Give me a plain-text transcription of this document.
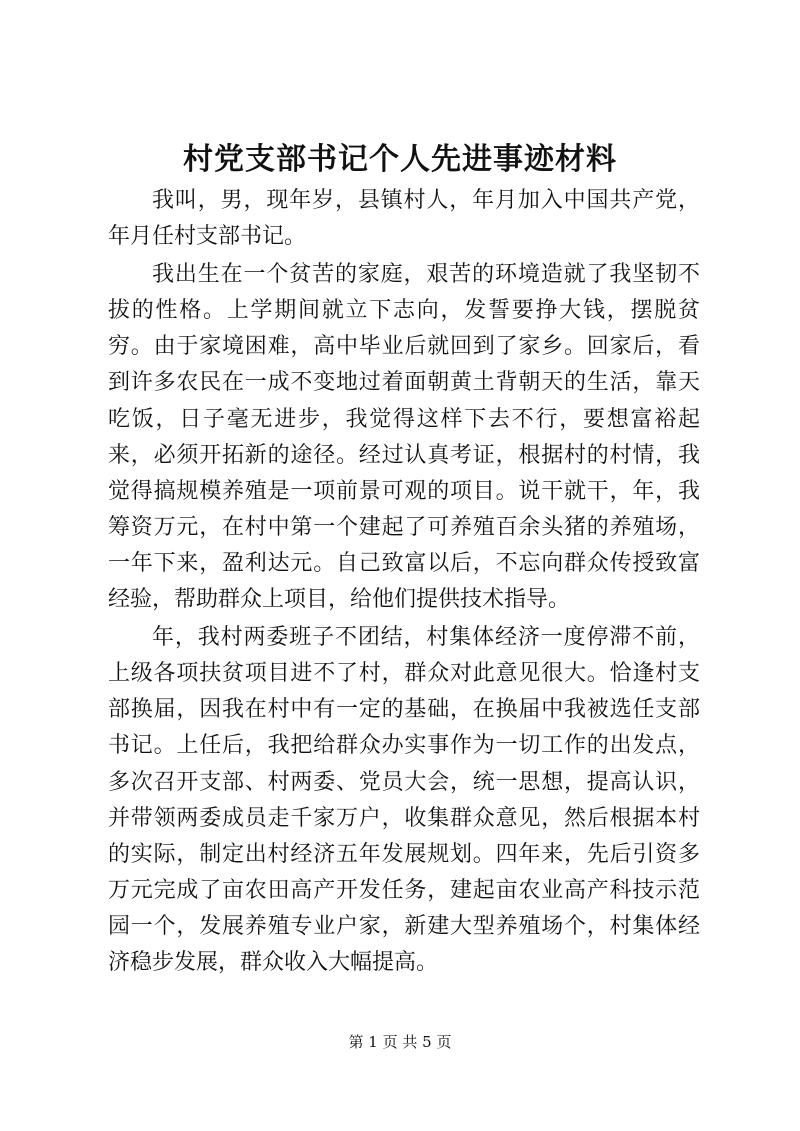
村党支部书记个人先进事迹材料

我叫，男，现年岁，县镇村人，年月加入中国共产党，年月任村支部书记。

我出生在一个贫苦的家庭，艰苦的环境造就了我坚韧不拔的性格。上学期间就立下志向，发誓要挣大钱，摆脱贫穷。由于家境困难，高中毕业后就回到了家乡。回家后，看到许多农民在一成不变地过着面朝黄土背朝天的生活，靠天吃饭，日子毫无进步，我觉得这样下去不行，要想富裕起来，必须开拓新的途径。经过认真考证，根据村的村情，我觉得搞规模养殖是一项前景可观的项目。说干就干，年，我筹资万元，在村中第一个建起了可养殖百余头猪的养殖场，一年下来，盈利达元。自己致富以后，不忘向群众传授致富经验，帮助群众上项目，给他们提供技术指导。

年，我村两委班子不团结，村集体经济一度停滞不前，上级各项扶贫项目进不了村，群众对此意见很大。恰逢村支部换届，因我在村中有一定的基础，在换届中我被选任支部书记。上任后，我把给群众办实事作为一切工作的出发点，多次召开支部、村两委、党员大会，统一思想，提高认识，并带领两委成员走千家万户，收集群众意见，然后根据本村的实际，制定出村经济五年发展规划。四年来，先后引资多万元完成了亩农田高产开发任务，建起亩农业高产科技示范园一个，发展养殖专业户家，新建大型养殖场个，村集体经济稳步发展，群众收入大幅提高。

第 1 页 共 5 页
